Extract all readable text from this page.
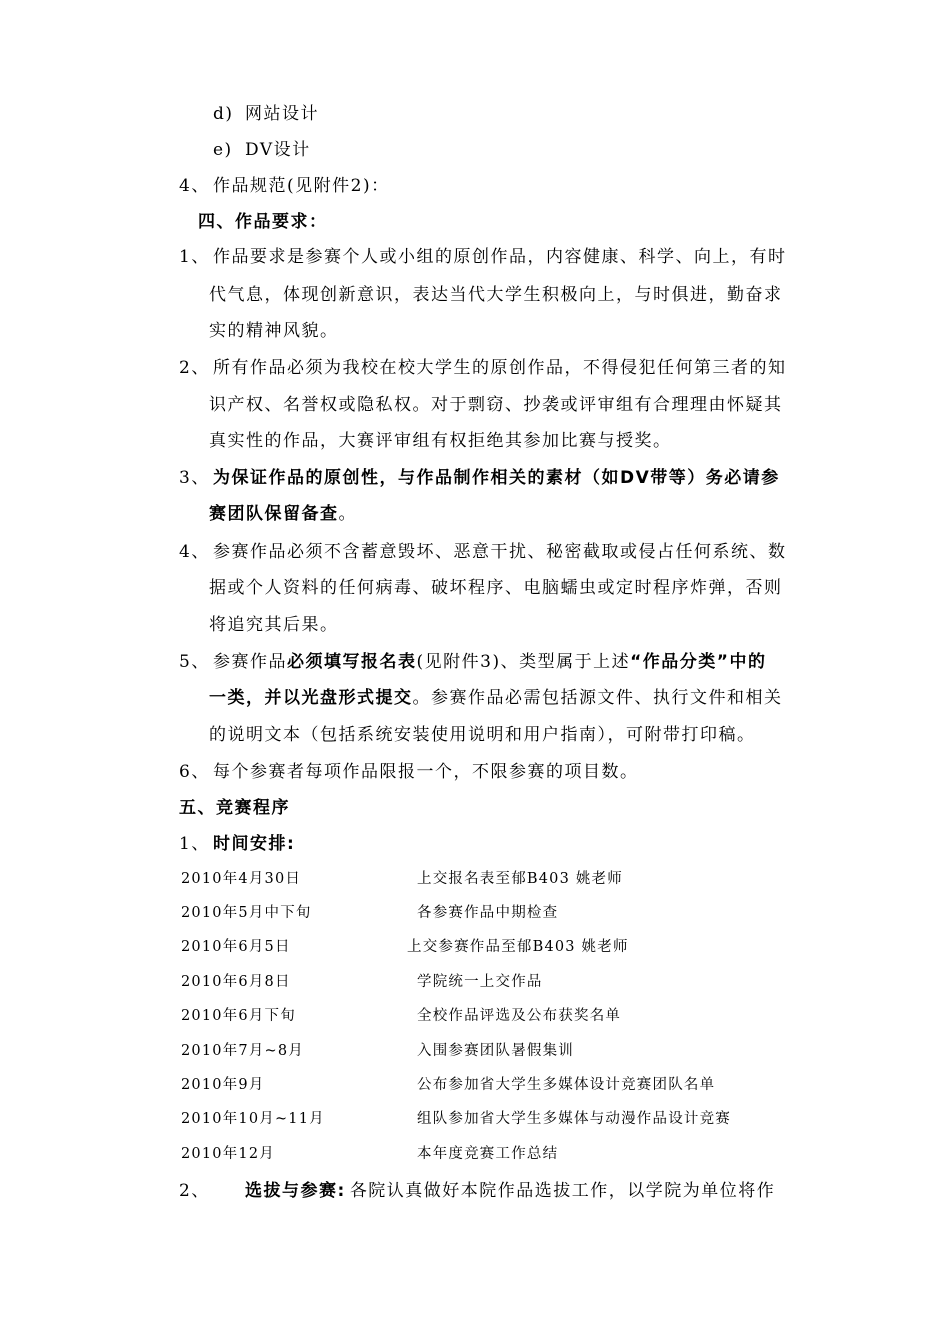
d) 网站设计
e) DV设计
4、 作品规范(见附件2)：
四、作品要求：
1、 作品要求是参赛个人或小组的原创作品，内容健康、科学、向上，有时
代气息，体现创新意识，表达当代大学生积极向上，与时俱进，勤奋求
实的精神风貌。
2、 所有作品必须为我校在校大学生的原创作品，不得侵犯任何第三者的知
识产权、名誉权或隐私权。对于剽窃、抄袭或评审组有合理理由怀疑其
真实性的作品，大赛评审组有权拒绝其参加比赛与授奖。
3、 为保证作品的原创性，与作品制作相关的素材（如DV带等）务必请参
赛团队保留备查。
4、 参赛作品必须不含蓄意毁坏、恶意干扰、秘密截取或侵占任何系统、数
据或个人资料的任何病毒、破坏程序、电脑蠕虫或定时程序炸弹，否则
将追究其后果。
5、 参赛作品必须填写报名表(见附件3)、类型属于上述“作品分类”中的
一类，并以光盘形式提交。参赛作品必需包括源文件、执行文件和相关
的说明文本（包括系统安装使用说明和用户指南），可附带打印稿。
6、 每个参赛者每项作品限报一个，不限参赛的项目数。
五、竞赛程序
1、 时间安排:
2010年4月30日	上交报名表至郁B403 姚老师
2010年5月中下旬	各参赛作品中期检查
2010年6月5日	上交参赛作品至郁B403 姚老师
2010年6月8日	学院统一上交作品
2010年6月下旬	全校作品评选及公布获奖名单
2010年7月~8月	入围参赛团队暑假集训
2010年9月	公布参加省大学生多媒体设计竞赛团队名单
2010年10月~11月	组队参加省大学生多媒体与动漫作品设计竞赛
2010年12月	本年度竞赛工作总结
2、 选拔与参赛: 各院认真做好本院作品选拔工作，以学院为单位将作
